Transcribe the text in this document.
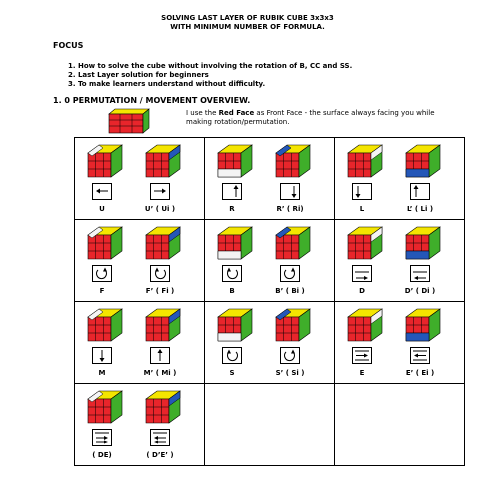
SOLVING LAST LAYER OF RUBIK CUBE 3x3x3
WITH MINIMUM NUMBER OF FORMULA.
FOCUS
1. How to solve the cube without involving the rotation of B, CC and SS.
2. Last Layer solution for beginners
3. To make learners understand without difficulty.
1. 0 PERMUTATION / MOVEMENT OVERVIEW.
I use the Red Face as Front Face - the surface always facing you while making rotation/permutation.
U	U’ ( Ui )	R	R’ ( Ri)	L	L’ ( Li )
F	F’ ( Fi )	B	B’ ( Bi )	D	D’ ( Di )
M	M’ ( Mi )	S	S’ ( Si )	E	E’ ( Ei )
( DE)	( D’E’ )
